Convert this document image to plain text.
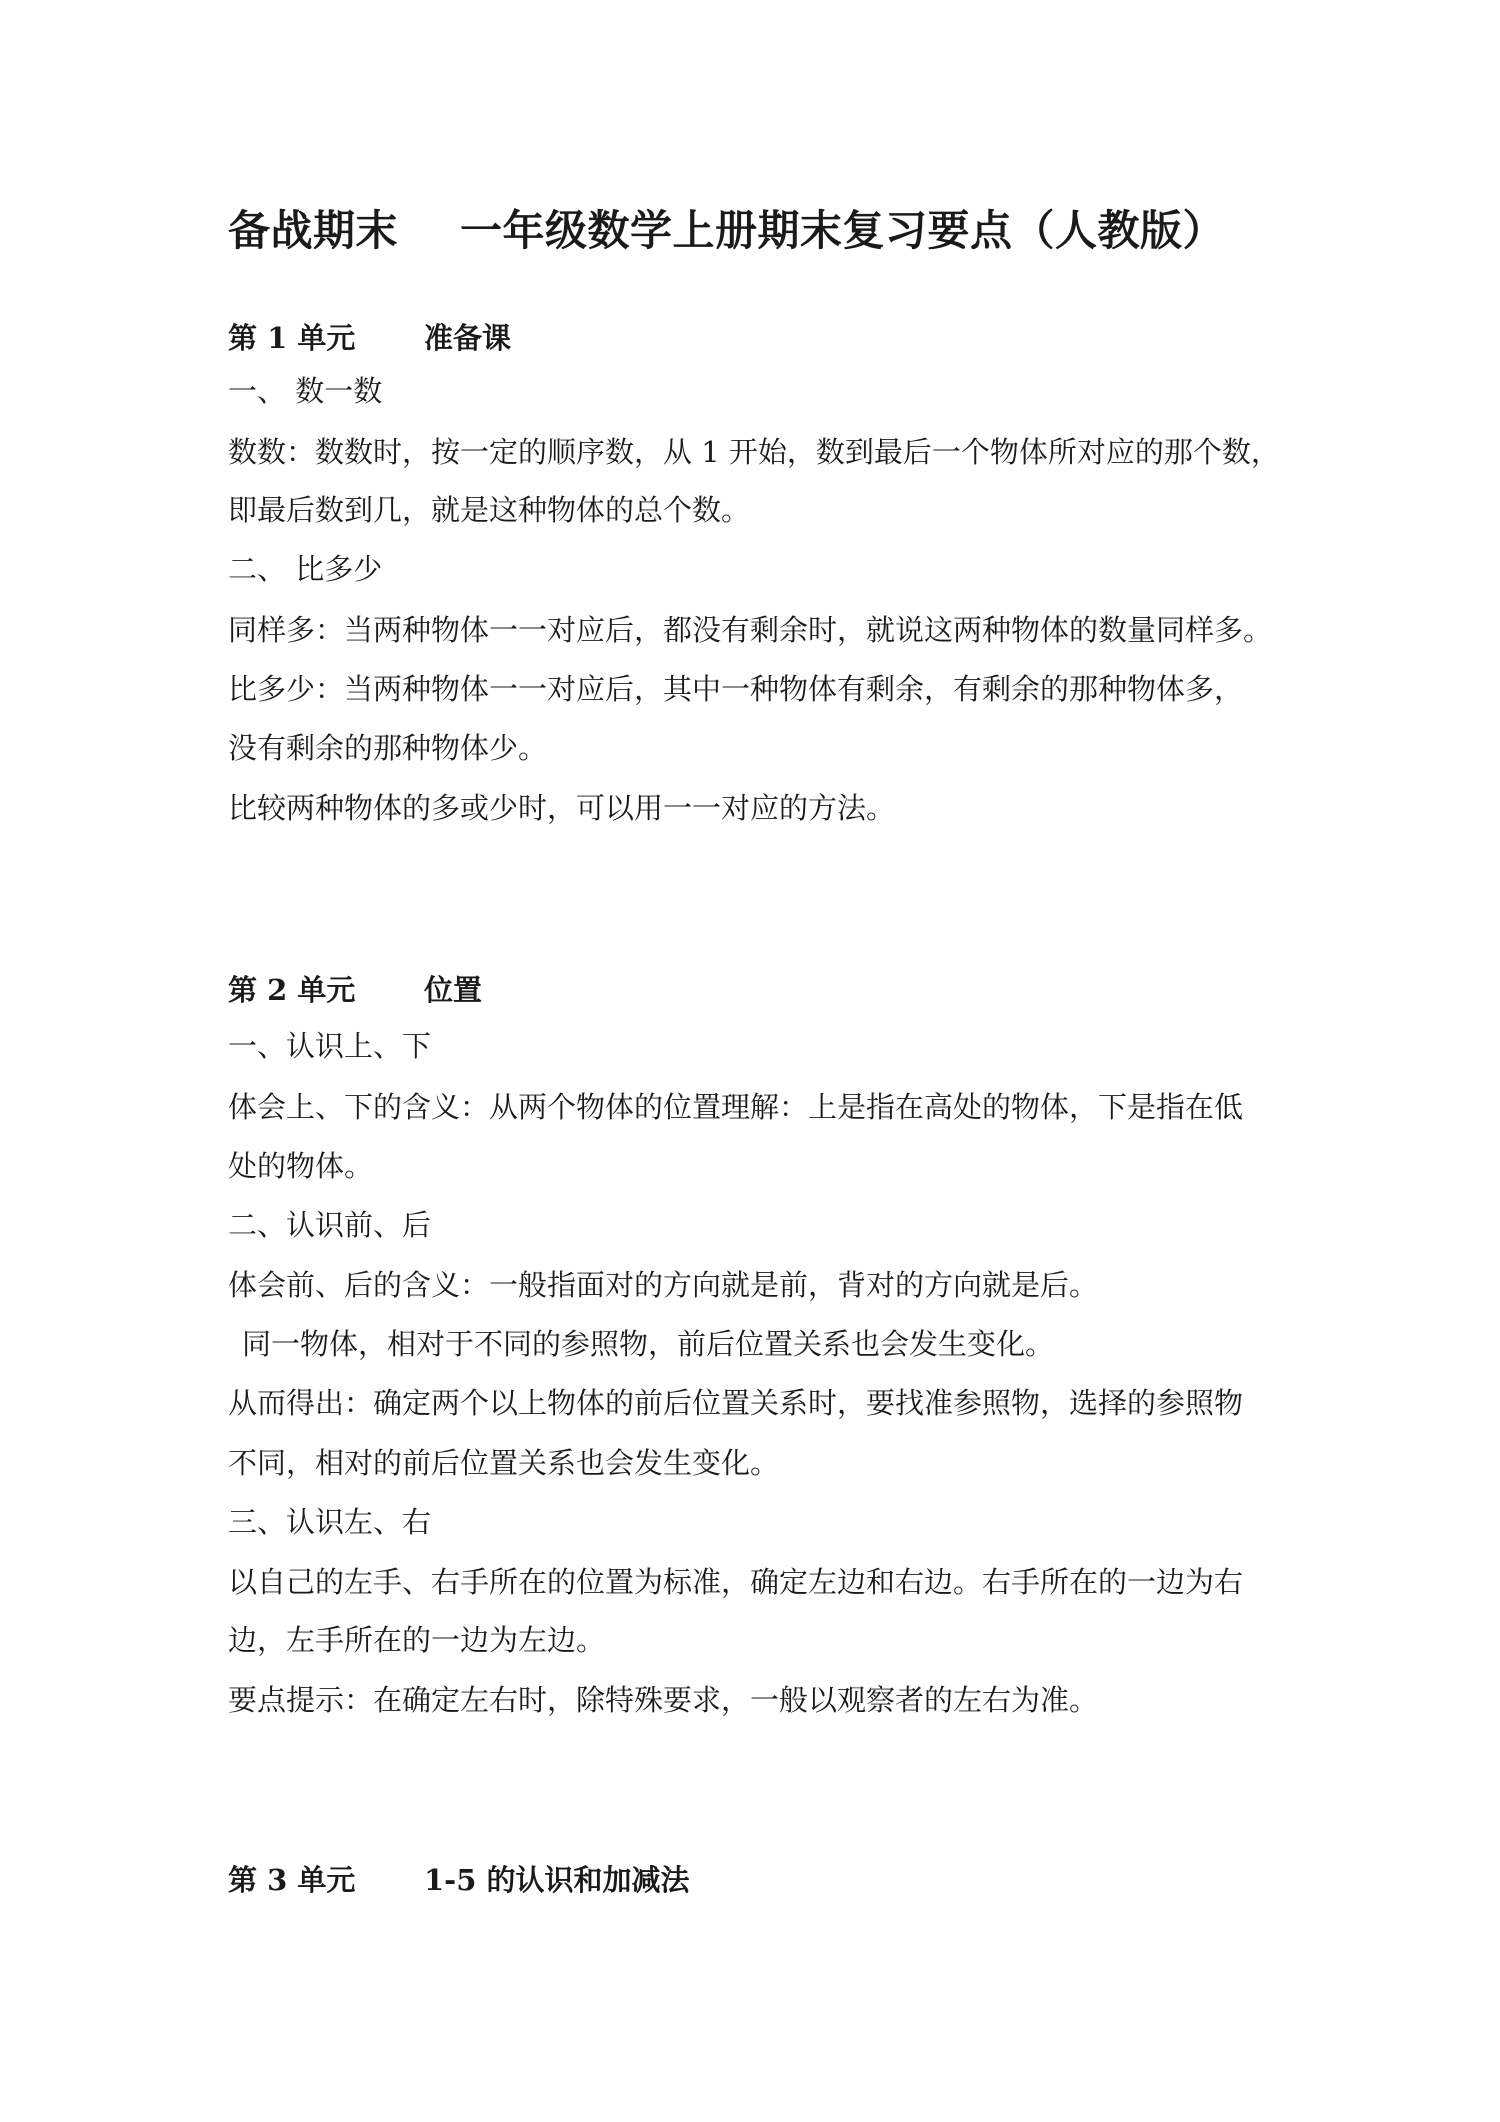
备战期末 一年级数学上册期末复习要点（人教版）
第 1 单元 准备课
一、 数一数
数数：数数时，按一定的顺序数，从 1 开始，数到最后一个物体所对应的那个数，
即最后数到几，就是这种物体的总个数。
二、 比多少
同样多：当两种物体一一对应后，都没有剩余时，就说这两种物体的数量同样多。
比多少：当两种物体一一对应后，其中一种物体有剩余，有剩余的那种物体多，
没有剩余的那种物体少。
比较两种物体的多或少时，可以用一一对应的方法。
第 2 单元 位置
一、认识上、下
体会上、下的含义：从两个物体的位置理解：上是指在高处的物体，下是指在低
处的物体。
二、认识前、后
体会前、后的含义：一般指面对的方向就是前，背对的方向就是后。
同一物体，相对于不同的参照物，前后位置关系也会发生变化。
从而得出：确定两个以上物体的前后位置关系时，要找准参照物，选择的参照物
不同，相对的前后位置关系也会发生变化。
三、认识左、右
以自己的左手、右手所在的位置为标准，确定左边和右边。右手所在的一边为右
边，左手所在的一边为左边。
要点提示：在确定左右时，除特殊要求，一般以观察者的左右为准。
第 3 单元 1-5 的认识和加减法
